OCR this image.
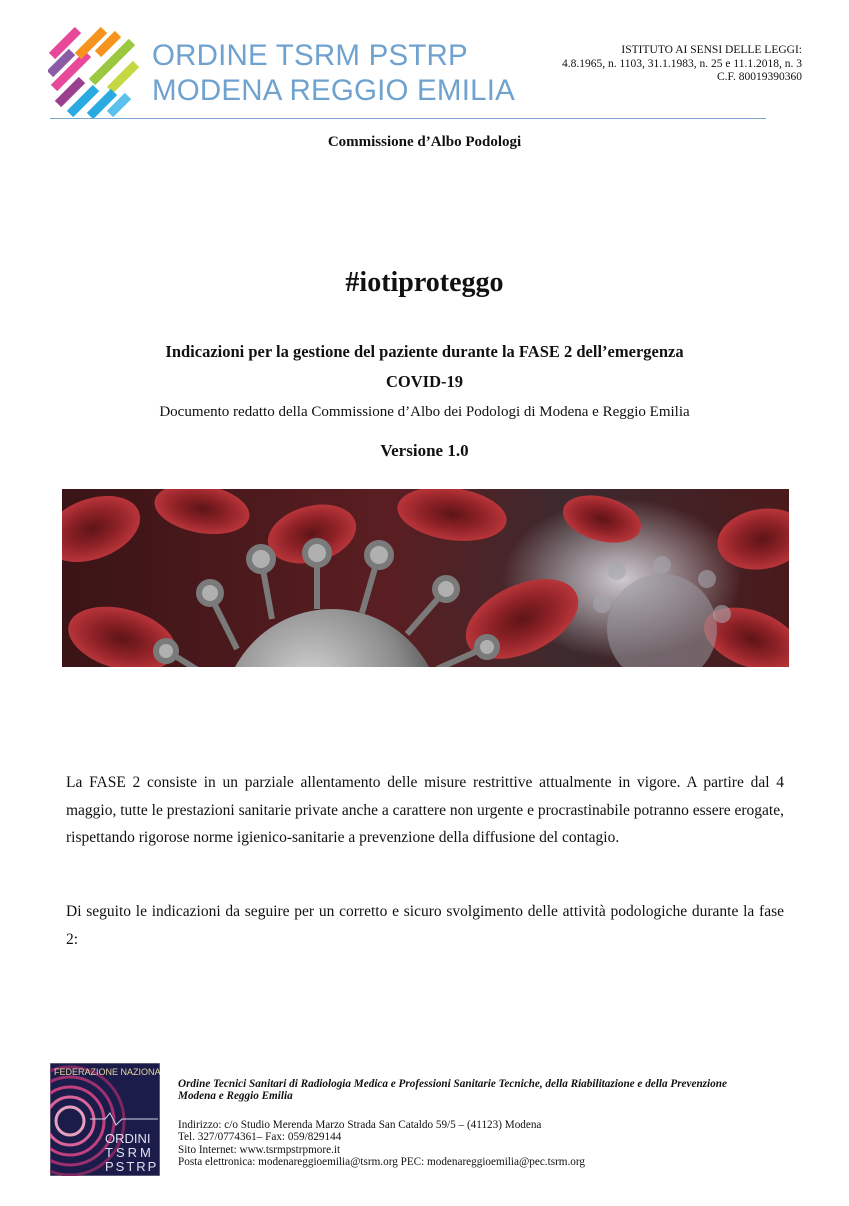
ORDINE TSRM PSTRP
MODENA REGGIO EMILIA
ISTITUTO AI SENSI DELLE LEGGI:
4.8.1965, n. 1103, 31.1.1983, n. 25 e 11.1.2018, n. 3
C.F. 80019390360
Commissione d’Albo Podologi
#iotiproteggo
Indicazioni per la gestione del paziente durante la FASE 2 dell’emergenza
COVID-19
Documento redatto della Commissione d’Albo dei Podologi di Modena e Reggio Emilia
Versione 1.0
La FASE 2 consiste in un parziale allentamento delle misure restrittive attualmente in vigore. A partire dal 4 maggio, tutte le prestazioni sanitarie private anche a carattere non urgente e procrastinabile potranno essere erogate, rispettando rigorose norme igienico-sanitarie a prevenzione della diffusione del contagio.
Di seguito le indicazioni da seguire per un corretto e sicuro svolgimento delle attività podologiche durante la fase 2:
FEDERAZIONE NAZIONALE
ORDINI
TSRM
PSTRP
Ordine Tecnici Sanitari di Radiologia Medica e Professioni Sanitarie Tecniche, della Riabilitazione e della Prevenzione
Modena e Reggio Emilia
Indirizzo: c/o Studio Merenda Marzo Strada San Cataldo 59/5 – (41123) Modena
Tel. 327/0774361– Fax: 059/829144
Sito Internet: www.tsrmpstrpmore.it
Posta elettronica: modenareggioemilia@tsrm.org PEC: modenareggioemilia@pec.tsrm.org
